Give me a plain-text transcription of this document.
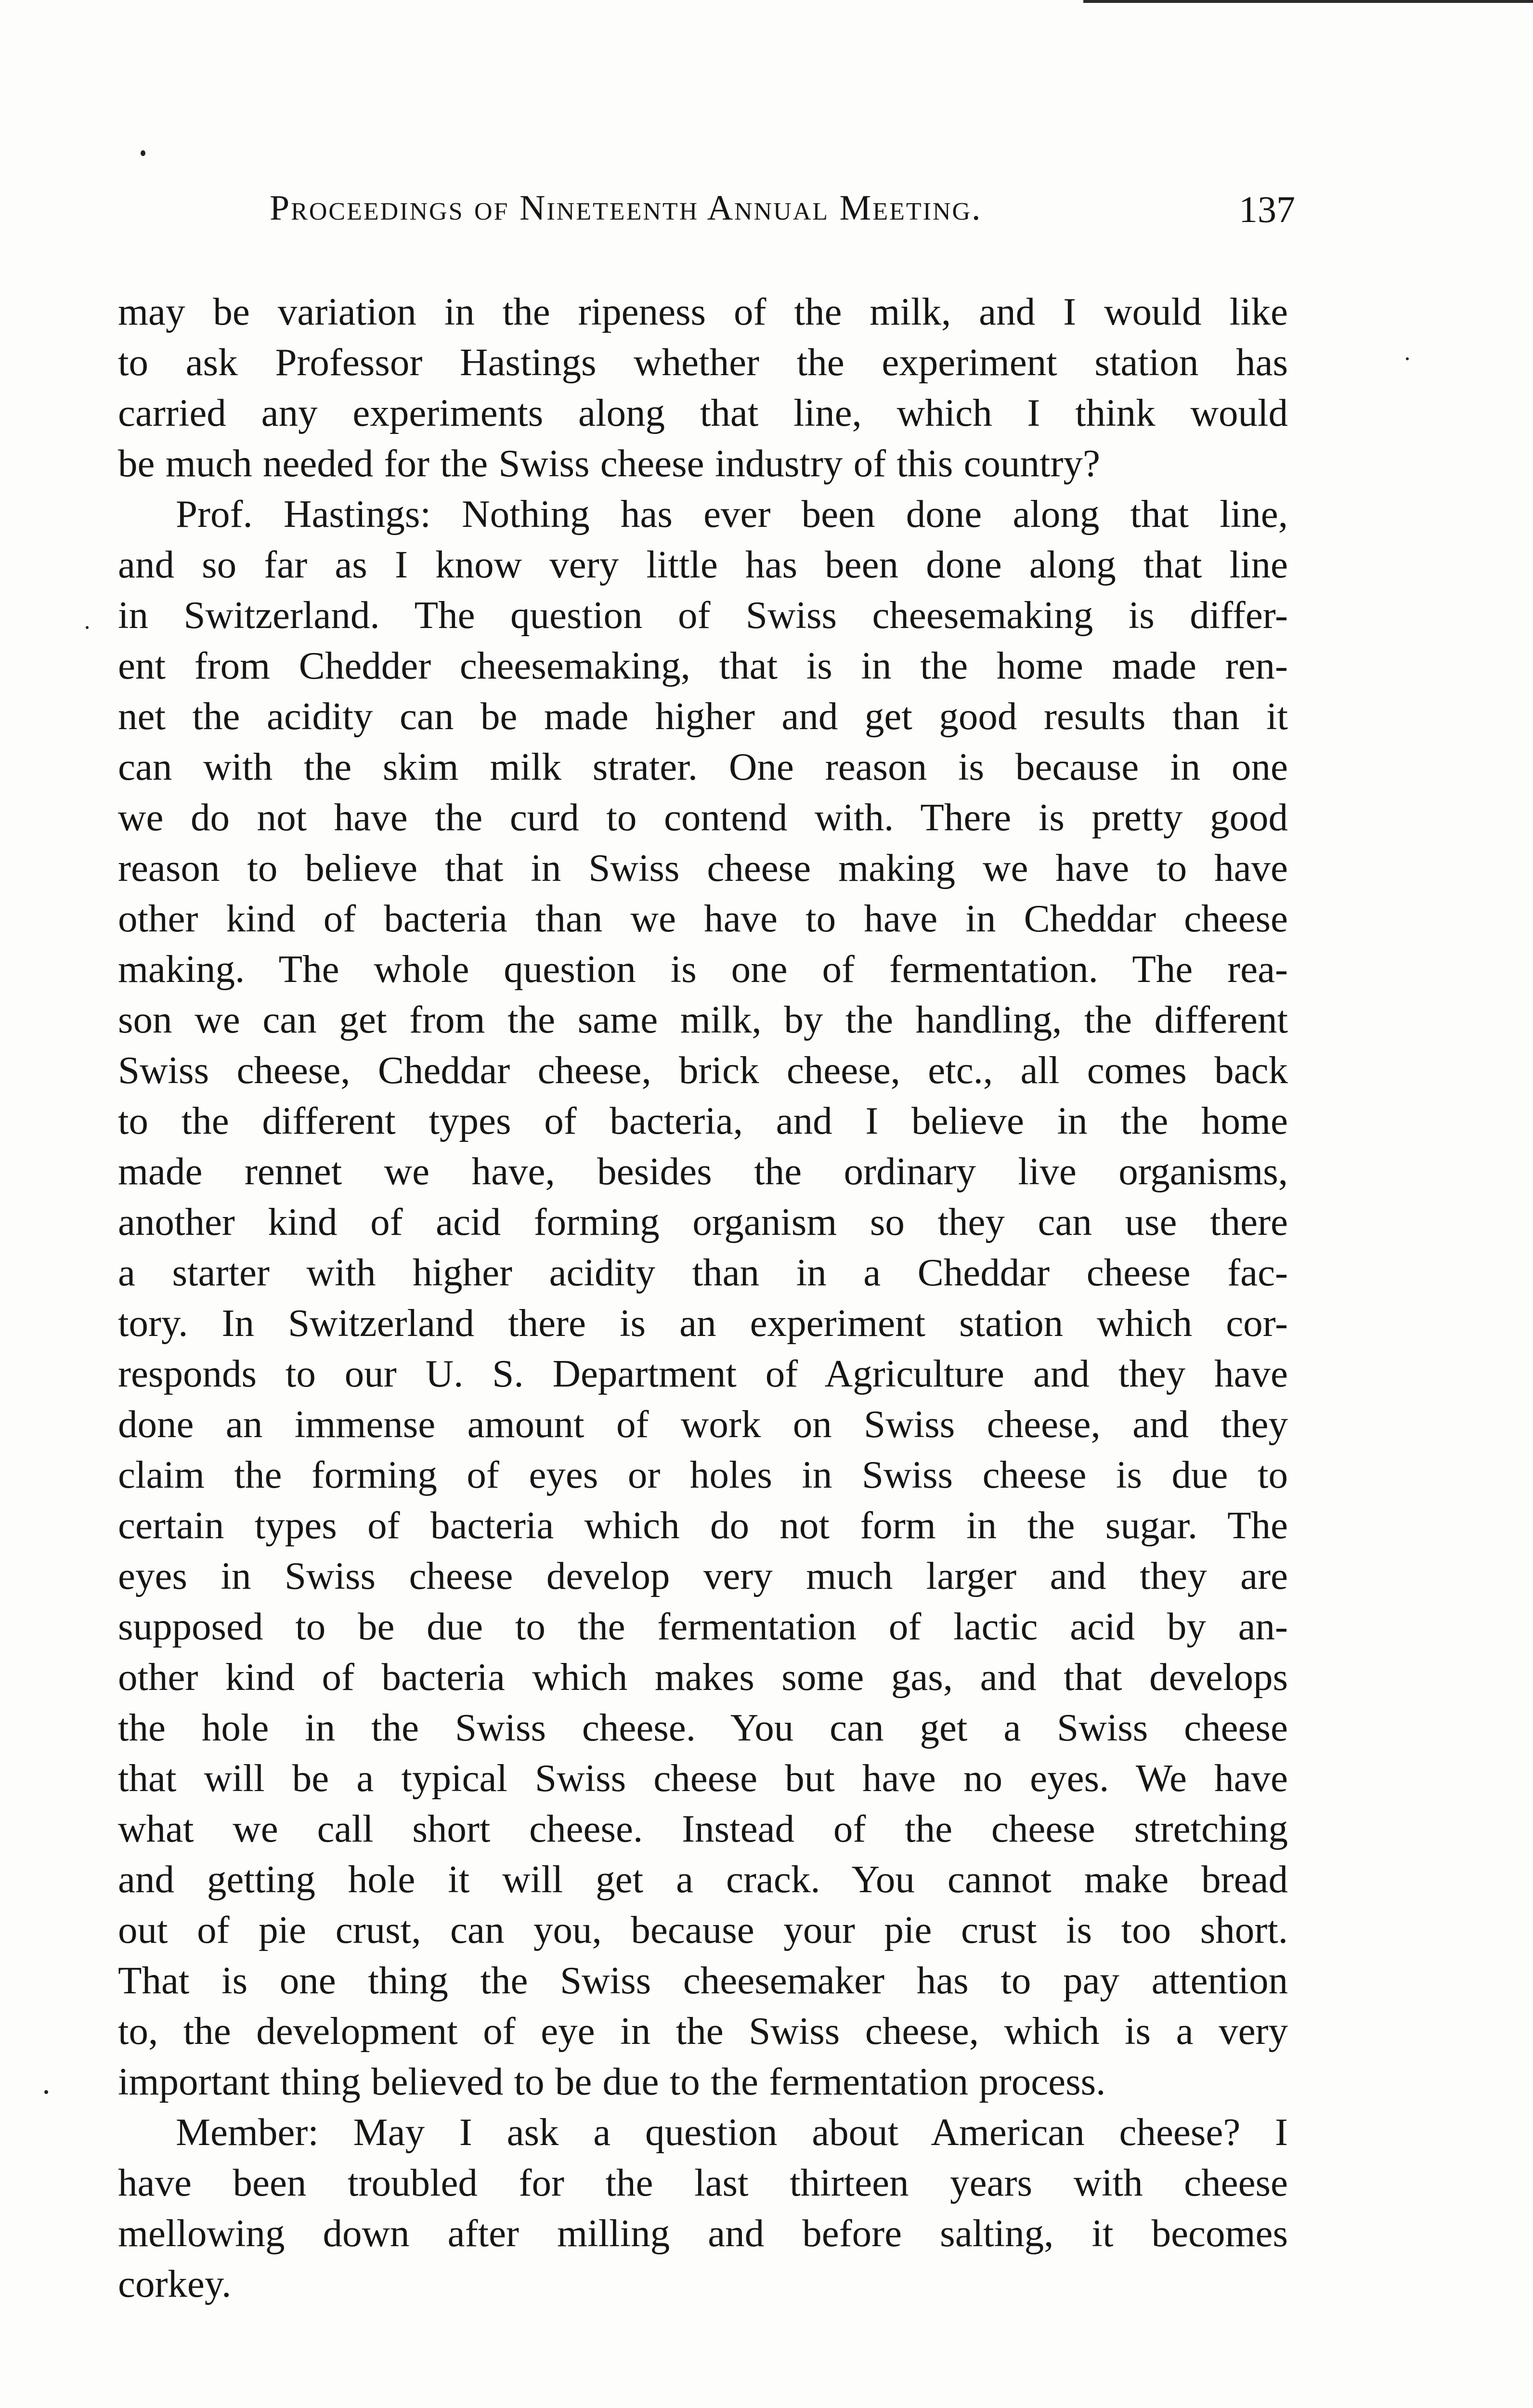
Proceedings of Nineteenth Annual Meeting.	137
may be variation in the ripeness of the milk, and I would like
to ask Professor Hastings whether the experiment station has
carried any experiments along that line, which I think would
be much needed for the Swiss cheese industry of this country?
Prof. Hastings: Nothing has ever been done along that line,
and so far as I know very little has been done along that line
in Switzerland. The question of Swiss cheesemaking is differ-
ent from Chedder cheesemaking, that is in the home made ren-
net the acidity can be made higher and get good results than it
can with the skim milk strater. One reason is because in one
we do not have the curd to contend with. There is pretty good
reason to believe that in Swiss cheese making we have to have
other kind of bacteria than we have to have in Cheddar cheese
making. The whole question is one of fermentation. The rea-
son we can get from the same milk, by the handling, the different
Swiss cheese, Cheddar cheese, brick cheese, etc., all comes back
to the different types of bacteria, and I believe in the home
made rennet we have, besides the ordinary live organisms,
another kind of acid forming organism so they can use there
a starter with higher acidity than in a Cheddar cheese fac-
tory. In Switzerland there is an experiment station which cor-
responds to our U. S. Department of Agriculture and they have
done an immense amount of work on Swiss cheese, and they
claim the forming of eyes or holes in Swiss cheese is due to
certain types of bacteria which do not form in the sugar. The
eyes in Swiss cheese develop very much larger and they are
supposed to be due to the fermentation of lactic acid by an-
other kind of bacteria which makes some gas, and that develops
the hole in the Swiss cheese. You can get a Swiss cheese
that will be a typical Swiss cheese but have no eyes. We have
what we call short cheese. Instead of the cheese stretching
and getting hole it will get a crack. You cannot make bread
out of pie crust, can you, because your pie crust is too short.
That is one thing the Swiss cheesemaker has to pay attention
to, the development of eye in the Swiss cheese, which is a very
important thing believed to be due to the fermentation process.
Member: May I ask a question about American cheese? I
have been troubled for the last thirteen years with cheese
mellowing down after milling and before salting, it becomes
corkey.
